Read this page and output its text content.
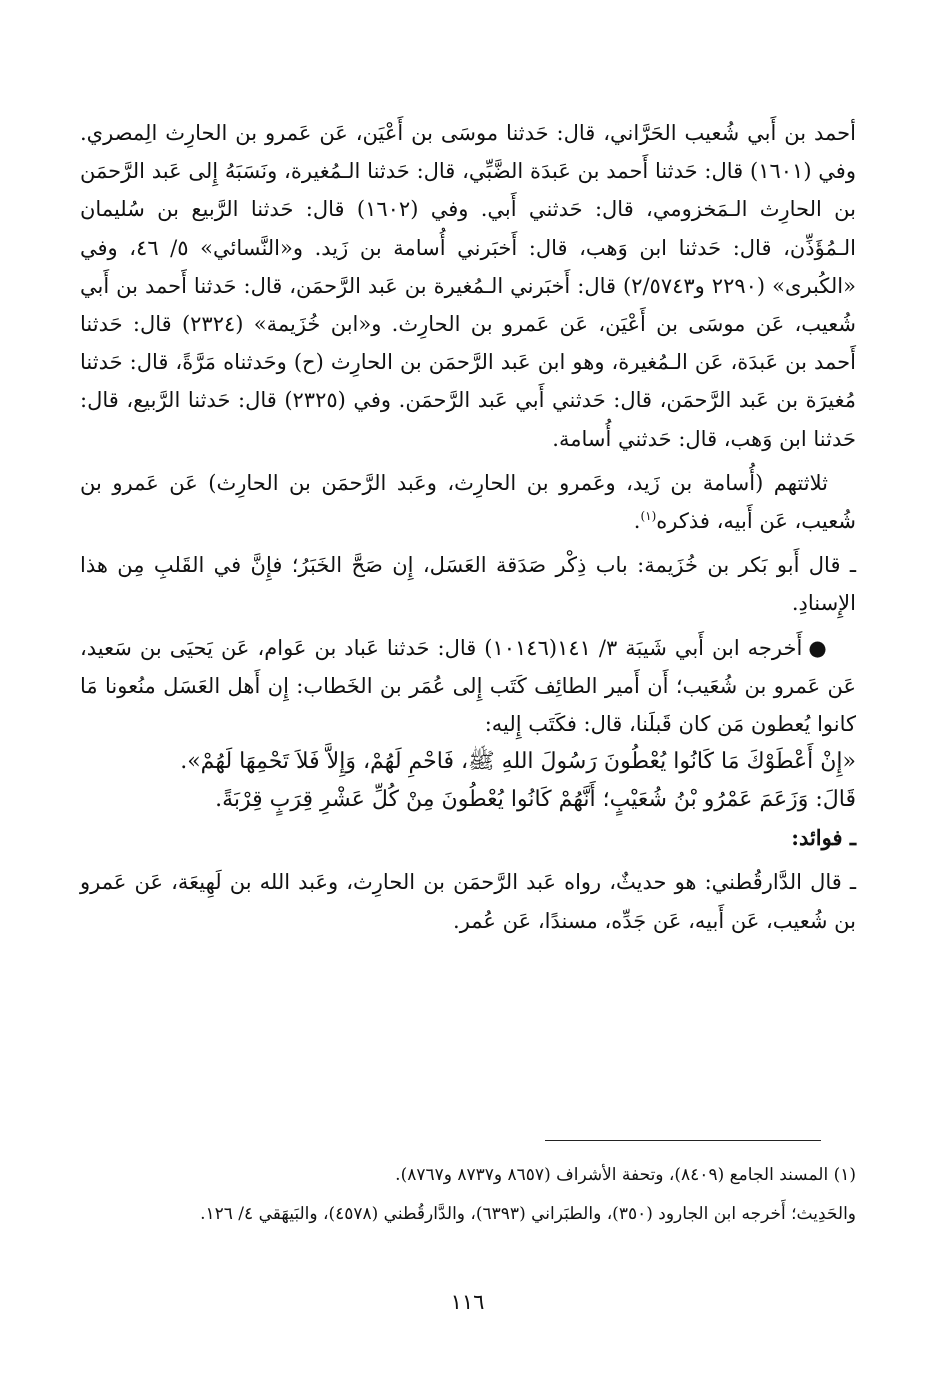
أحمد بن أَبي شُعيب الحَرَّاني، قال: حَدثنا موسَى بن أَعْيَن، عَن عَمرو بن الحارِث الِمصري. وفي (١٦٠١) قال: حَدثنا أَحمد بن عَبدَة الضَّبِّي، قال: حَدثنا الـمُغيرة، ونَسَبَهُ إِلى عَبد الرَّحمَن بن الحارِث الـمَخزومي، قال: حَدثني أَبي. وفي (١٦٠٢) قال: حَدثنا الرَّبيع بن سُليمان الـمُؤَذِّن، قال: حَدثنا ابن وَهب، قال: أَخبَرني أُسامة بن زَيد. و«النَّسائي» ٥/ ٤٦، وفي «الكُبرى» (٢٢٩٠ و٢/٥٧٤٣) قال: أَخبَرني الـمُغيرة بن عَبد الرَّحمَن، قال: حَدثنا أَحمد بن أَبي شُعيب، عَن موسَى بن أَعْيَن، عَن عَمرو بن الحارِث. و«ابن خُزَيمة» (٢٣٢٤) قال: حَدثنا أَحمد بن عَبدَة، عَن الـمُغيرة، وهو ابن عَبد الرَّحمَن بن الحارِث (ح) وحَدثناه مَرَّةً، قال: حَدثنا مُغيرَة بن عَبد الرَّحمَن، قال: حَدثني أَبي عَبد الرَّحمَن. وفي (٢٣٢٥) قال: حَدثنا الرَّبيع، قال: حَدثنا ابن وَهب، قال: حَدثني أُسامة.

ثلاثتهم (أُسامة بن زَيد، وعَمرو بن الحارِث، وعَبد الرَّحمَن بن الحارِث) عَن عَمرو بن شُعيب، عَن أَبيه، فذكره$^{(١)}$.

ـ قال أَبو بَكر بن خُزَيمة: باب ذِكْر صَدَقة العَسَل، إِن صَحَّ الخَبَرُ؛ فإِنَّ في القَلبِ مِن هذا الإِسنادِ.

●أَخرجه ابن أَبي شَيبَة ٣/ ١٤١(١٠١٤٦) قال: حَدثنا عَباد بن عَوام، عَن يَحيَى بن سَعيد، عَن عَمرو بن شُعَيب؛ أَن أَمير الطائِف كَتَب إِلى عُمَر بن الخَطاب: إِن أَهل العَسَل منُعونا مَا كانوا يُعطون مَن كان قَبلَنا، قال: فكَتَب إِليه:

«إِنْ أَعْطَوْكَ مَا كَانُوا يُعْطُونَ رَسُولَ اللهِ ﷺ، فَاحْمِ لَهُمْ، وَإِلاَّ فَلاَ تَحْمِهَا لَهُمْ».

قَالَ: وَزَعَمَ عَمْرُو بْنُ شُعَيْبٍ؛ أَنَّهُمْ كَانُوا يُعْطُونَ مِنْ كُلِّ عَشْرِ قِرَبٍ قِرْبَةً.

ـ فوائد:

ـ قال الدَّارقُطني: هو حديثٌ، رواه عَبد الرَّحمَن بن الحارِث، وعَبد الله بن لَهِيعَة، عَن عَمرو بن شُعيب، عَن أَبيه، عَن جَدِّه، مسندًا، عَن عُمر.

(١) المسند الجامع (٨٤٠٩)، وتحفة الأشراف (٨٦٥٧ و٨٧٣٧ و٨٧٦٧).

والحَدِيث؛ أَخرجه ابن الجارود (٣٥٠)، والطبَراني (٦٣٩٣)، والدَّارقُطني (٤٥٧٨)، والبَيهَقي ٤/ ١٢٦.

١١٦
